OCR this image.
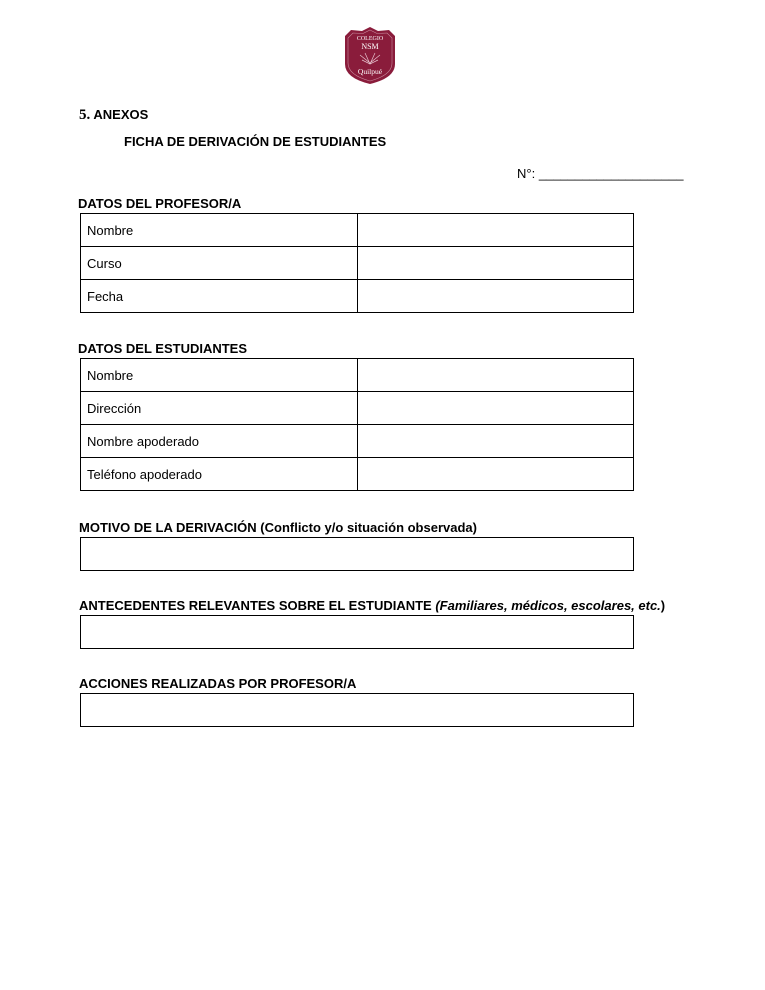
COLEGIO
NSM
Quilpué
5. ANEXOS
FICHA DE DERIVACIÓN DE ESTUDIANTES
N°: ____________________
DATOS DEL PROFESOR/A
Nombre	
Curso	
Fecha	
DATOS DEL ESTUDIANTES
Nombre	
Dirección	
Nombre apoderado	
Teléfono apoderado	
MOTIVO DE LA DERIVACIÓN (Conflicto y/o situación observada)
ANTECEDENTES RELEVANTES SOBRE EL ESTUDIANTE (Familiares, médicos, escolares, etc.)
ACCIONES REALIZADAS POR PROFESOR/A
